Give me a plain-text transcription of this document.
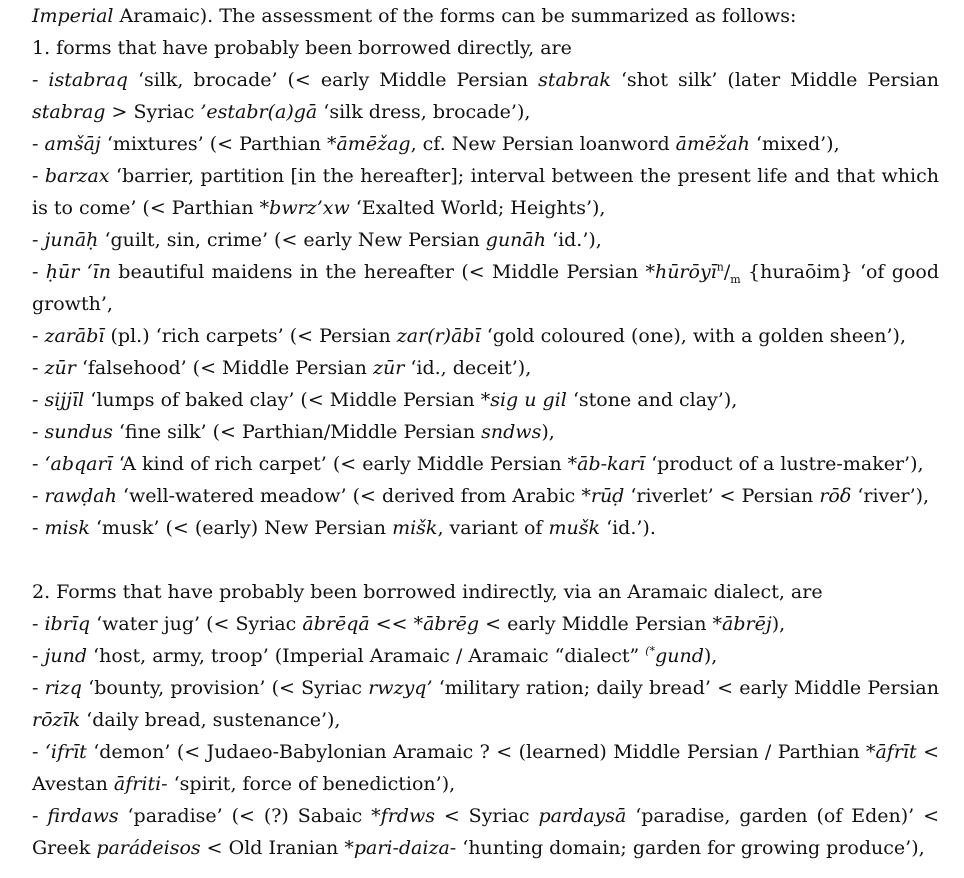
Imperial Aramaic). The assessment of the forms can be summarized as follows:
1. forms that have probably been borrowed directly, are
- istabraq ‘silk, brocade’ (< early Middle Persian stabrak ‘shot silk’ (later Middle Persian stabrag > Syriac ’estabr(a)gā ‘silk dress, brocade’),
- amšāj ‘mixtures’ (< Parthian *āmēžag, cf. New Persian loanword āmēžah ‘mixed’),
- barzax ‘barrier, partition [in the hereafter]; interval between the present life and that which is to come’ (< Parthian *bwrz’xw ‘Exalted World; Heights’),
- junāḥ ‘guilt, sin, crime’ (< early New Persian gunāh ‘id.’),
- ḥūr ‘īn beautiful maidens in the hereafter (< Middle Persian $*hūrōyī^n/_m$ {huraōim} ‘of good growth’,
- zarābī (pl.) ‘rich carpets’ (< Persian zar(r)ābī ‘gold coloured (one), with a golden sheen’),
- zūr ‘falsehood’ (< Middle Persian zūr ‘id., deceit’),
- sijjīl ‘lumps of baked clay’ (< Middle Persian *sig u gil ‘stone and clay’),
- sundus ‘fine silk’ (< Parthian/Middle Persian sndws),
- ‘abqarī ‘A kind of rich carpet’ (< early Middle Persian *āb-karī ‘product of a lustre-maker’),
- rawḍah ‘well-watered meadow’ (< derived from Arabic *rūḍ ‘riverlet’ < Persian rōδ ‘river’),
- misk ‘musk’ (< (early) New Persian mišk, variant of mušk ‘id.’).
2. Forms that have probably been borrowed indirectly, via an Aramaic dialect, are
- ibrīq ‘water jug’ (< Syriac ābrēqā << *ābrēg < early Middle Persian *ābrēj),
- jund ‘host, army, troop’ (Imperial Aramaic / Aramaic “dialect” (*gund),
- rizq ‘bounty, provision’ (< Syriac rwzyq’ ‘military ration; daily bread’ < early Middle Persian rōzīk ‘daily bread, sustenance’),
- ‘ifrīt ‘demon’ (< Judaeo-Babylonian Aramaic ? < (learned) Middle Persian / Parthian *āfrīt < Avestan āfriti- ‘spirit, force of benediction’),
- firdaws ‘paradise’ (< (?) Sabaic *frdws < Syriac pardaysā ‘paradise, garden (of Eden)’ < Greek parádeisos < Old Iranian *pari-daiza- ‘hunting domain; garden for growing produce’),
